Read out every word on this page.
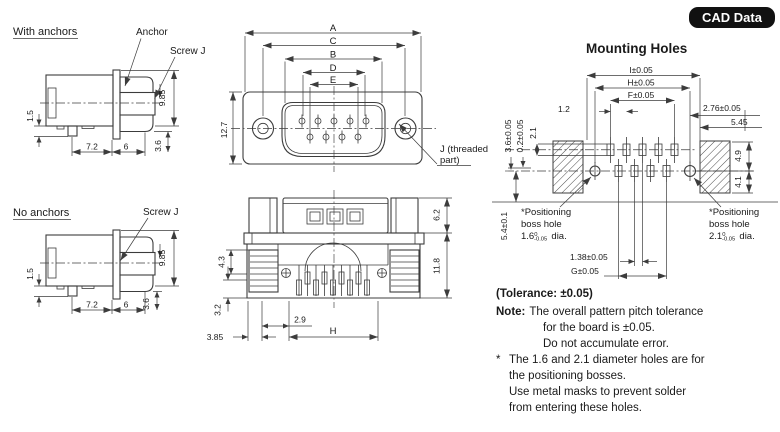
With anchors	Anchor
Screw J
1.5
9.85
3.6
7.2	6
No anchors	Screw J
1.5
9.85
3.6
7.2	6
A
C
B
D
E
12.7
J (threaded
part)
6.2
11.8
4.3
3.2
3.85
2.9
H
Mounting Holes
I±0.05
H±0.05
F±0.05
1.2	2.76±0.05
5.45
3.6±0.05 0.2±0.05 2.1
5.4±0.1
4.9
4.1
*Positioning
boss hole
$1.6^0$ -0.05 dia.
*Positioning
boss hole
$2.1^0$ -0.05 dia.
1.38±0.05
G±0.05
CAD Data
(Tolerance: ±0.05)
Note: The overall pattern pitch tolerance
for the board is ±0.05.
Do not accumulate error.
* The 1.6 and 2.1 diameter holes are for
the positioning bosses.
Use metal masks to prevent solder
from entering these holes.
